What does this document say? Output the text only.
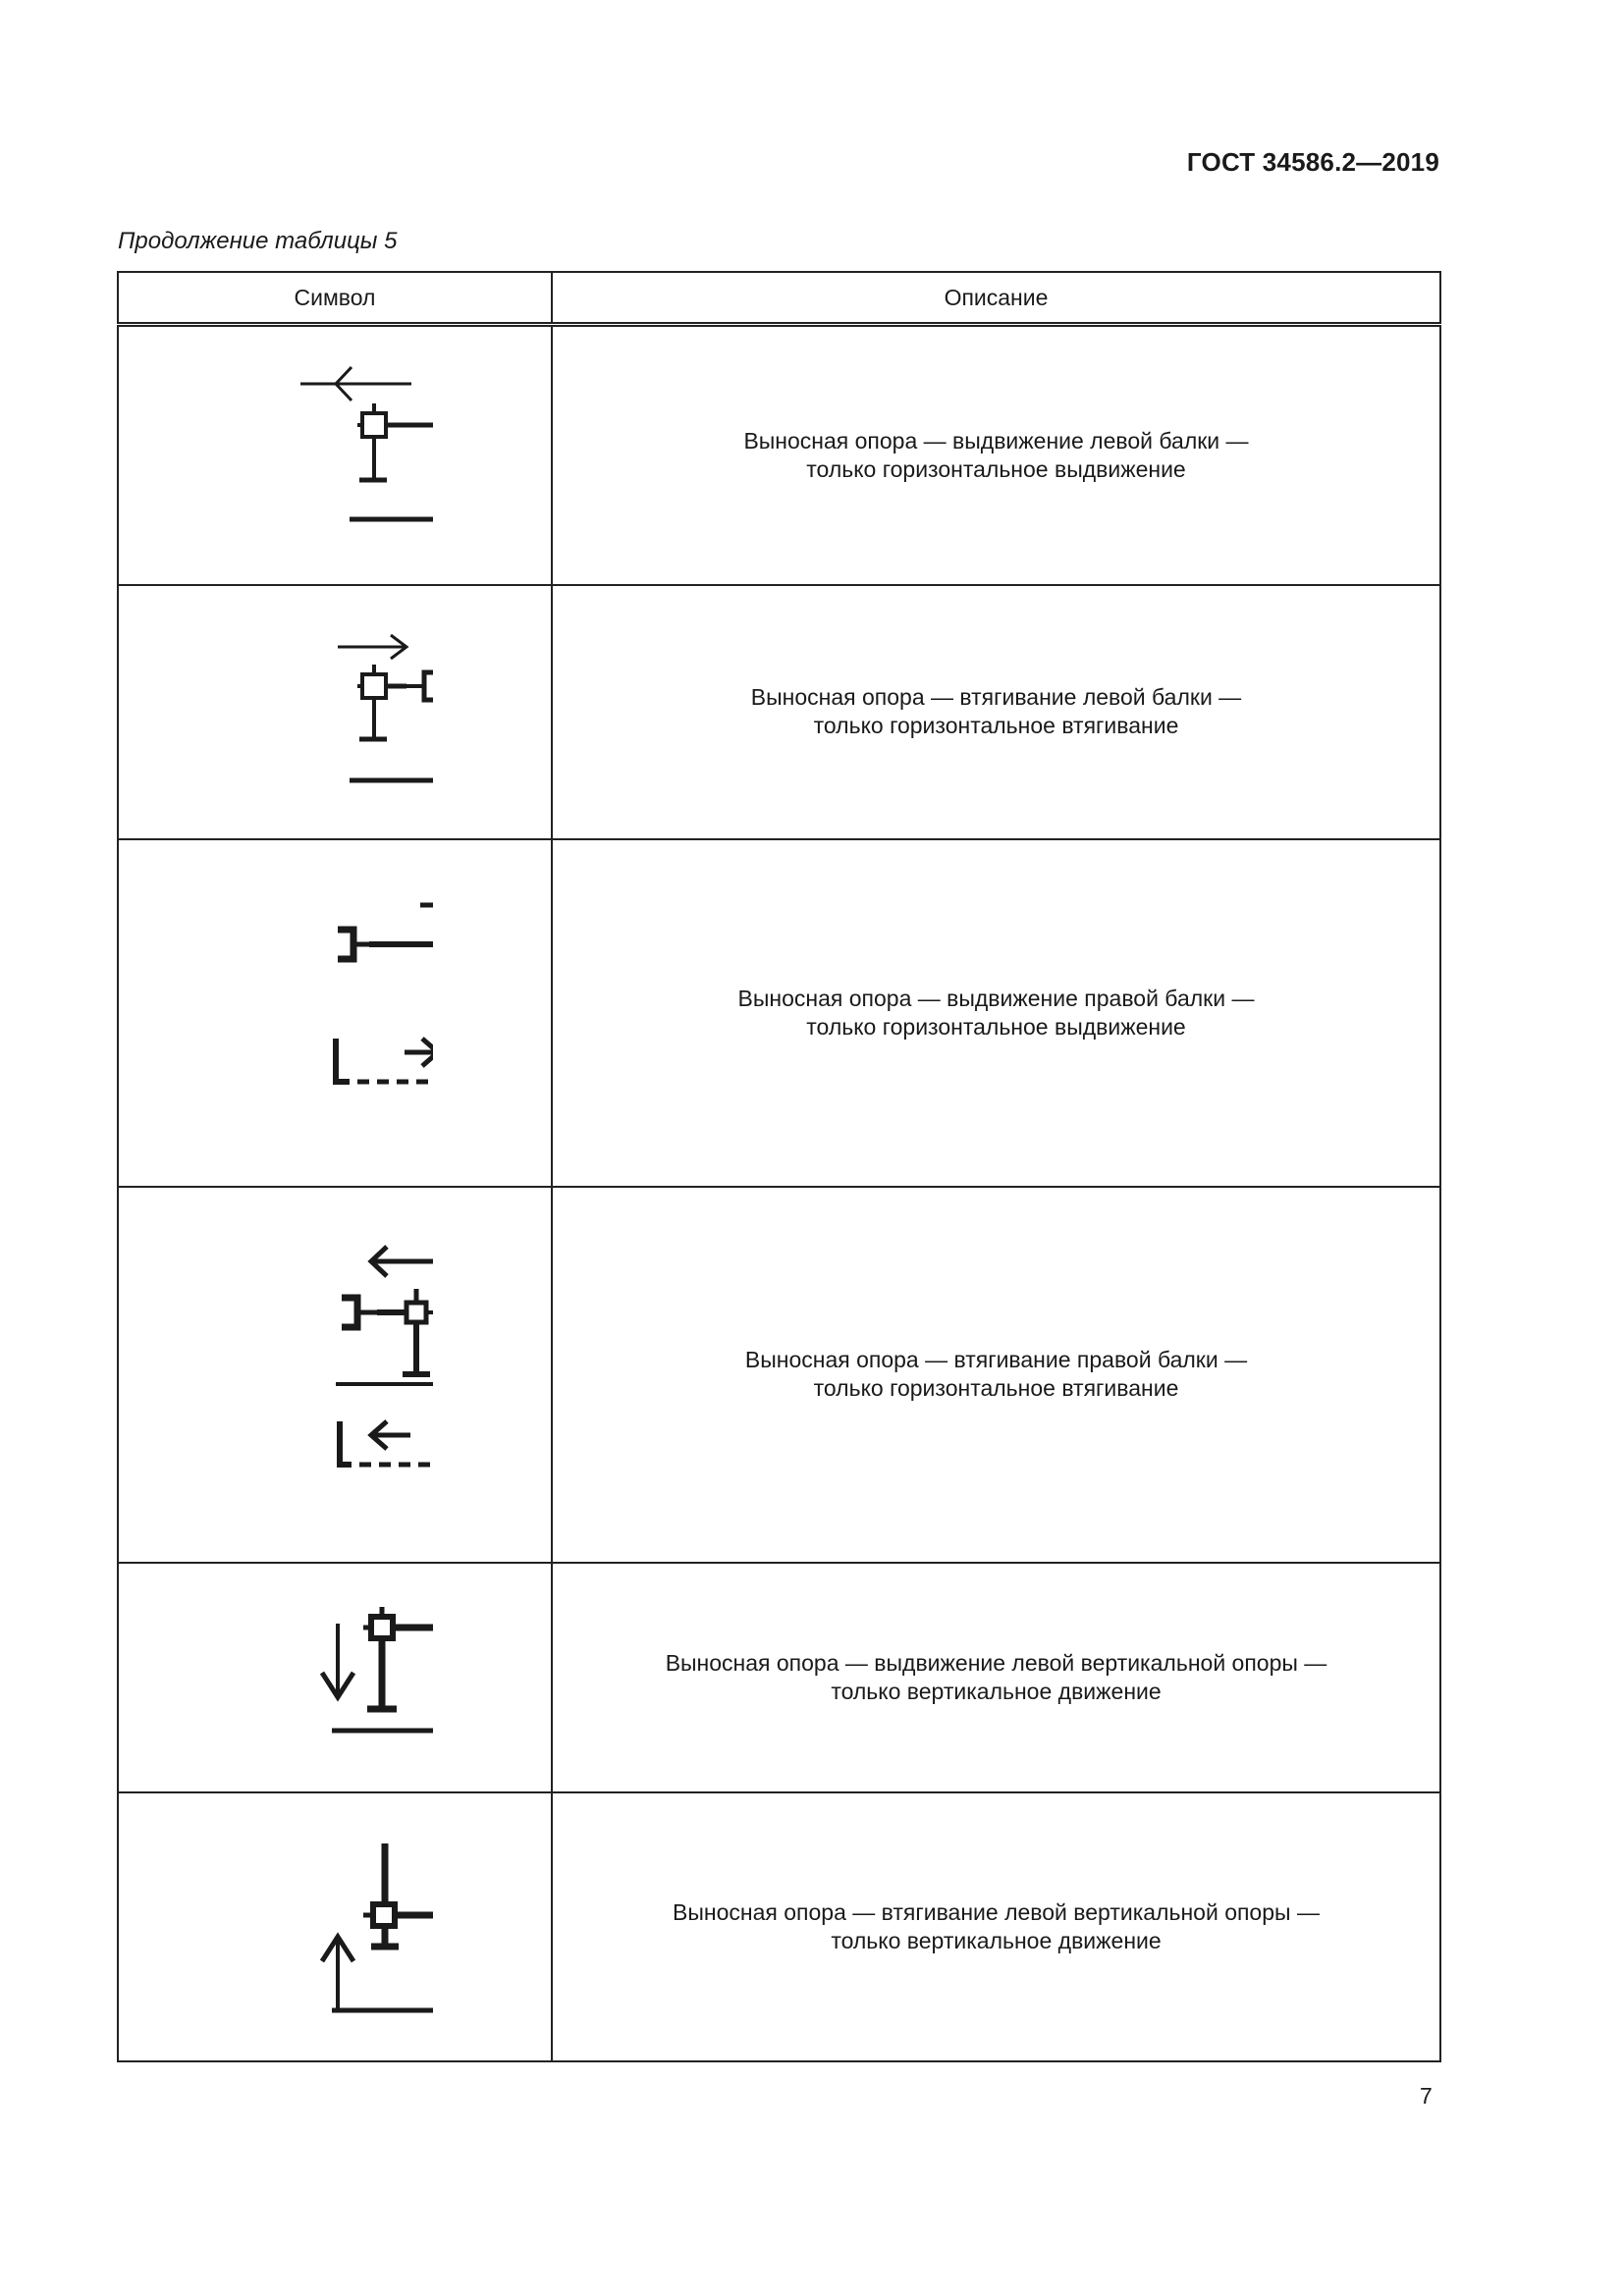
ГОСТ 34586.2—2019
Продолжение таблицы 5
Символ	Описание

Выносная опора — выдвижение левой балки —
только горизонтальное выдвижение

Выносная опора — втягивание левой балки —
только горизонтальное втягивание

Выносная опора — выдвижение правой балки —
только горизонтальное выдвижение

Выносная опора — втягивание правой балки —
только горизонтальное втягивание

Выносная опора — выдвижение левой вертикальной опоры —
только вертикальное движение

Выносная опора — втягивание левой вертикальной опоры —
только вертикальное движение
7
